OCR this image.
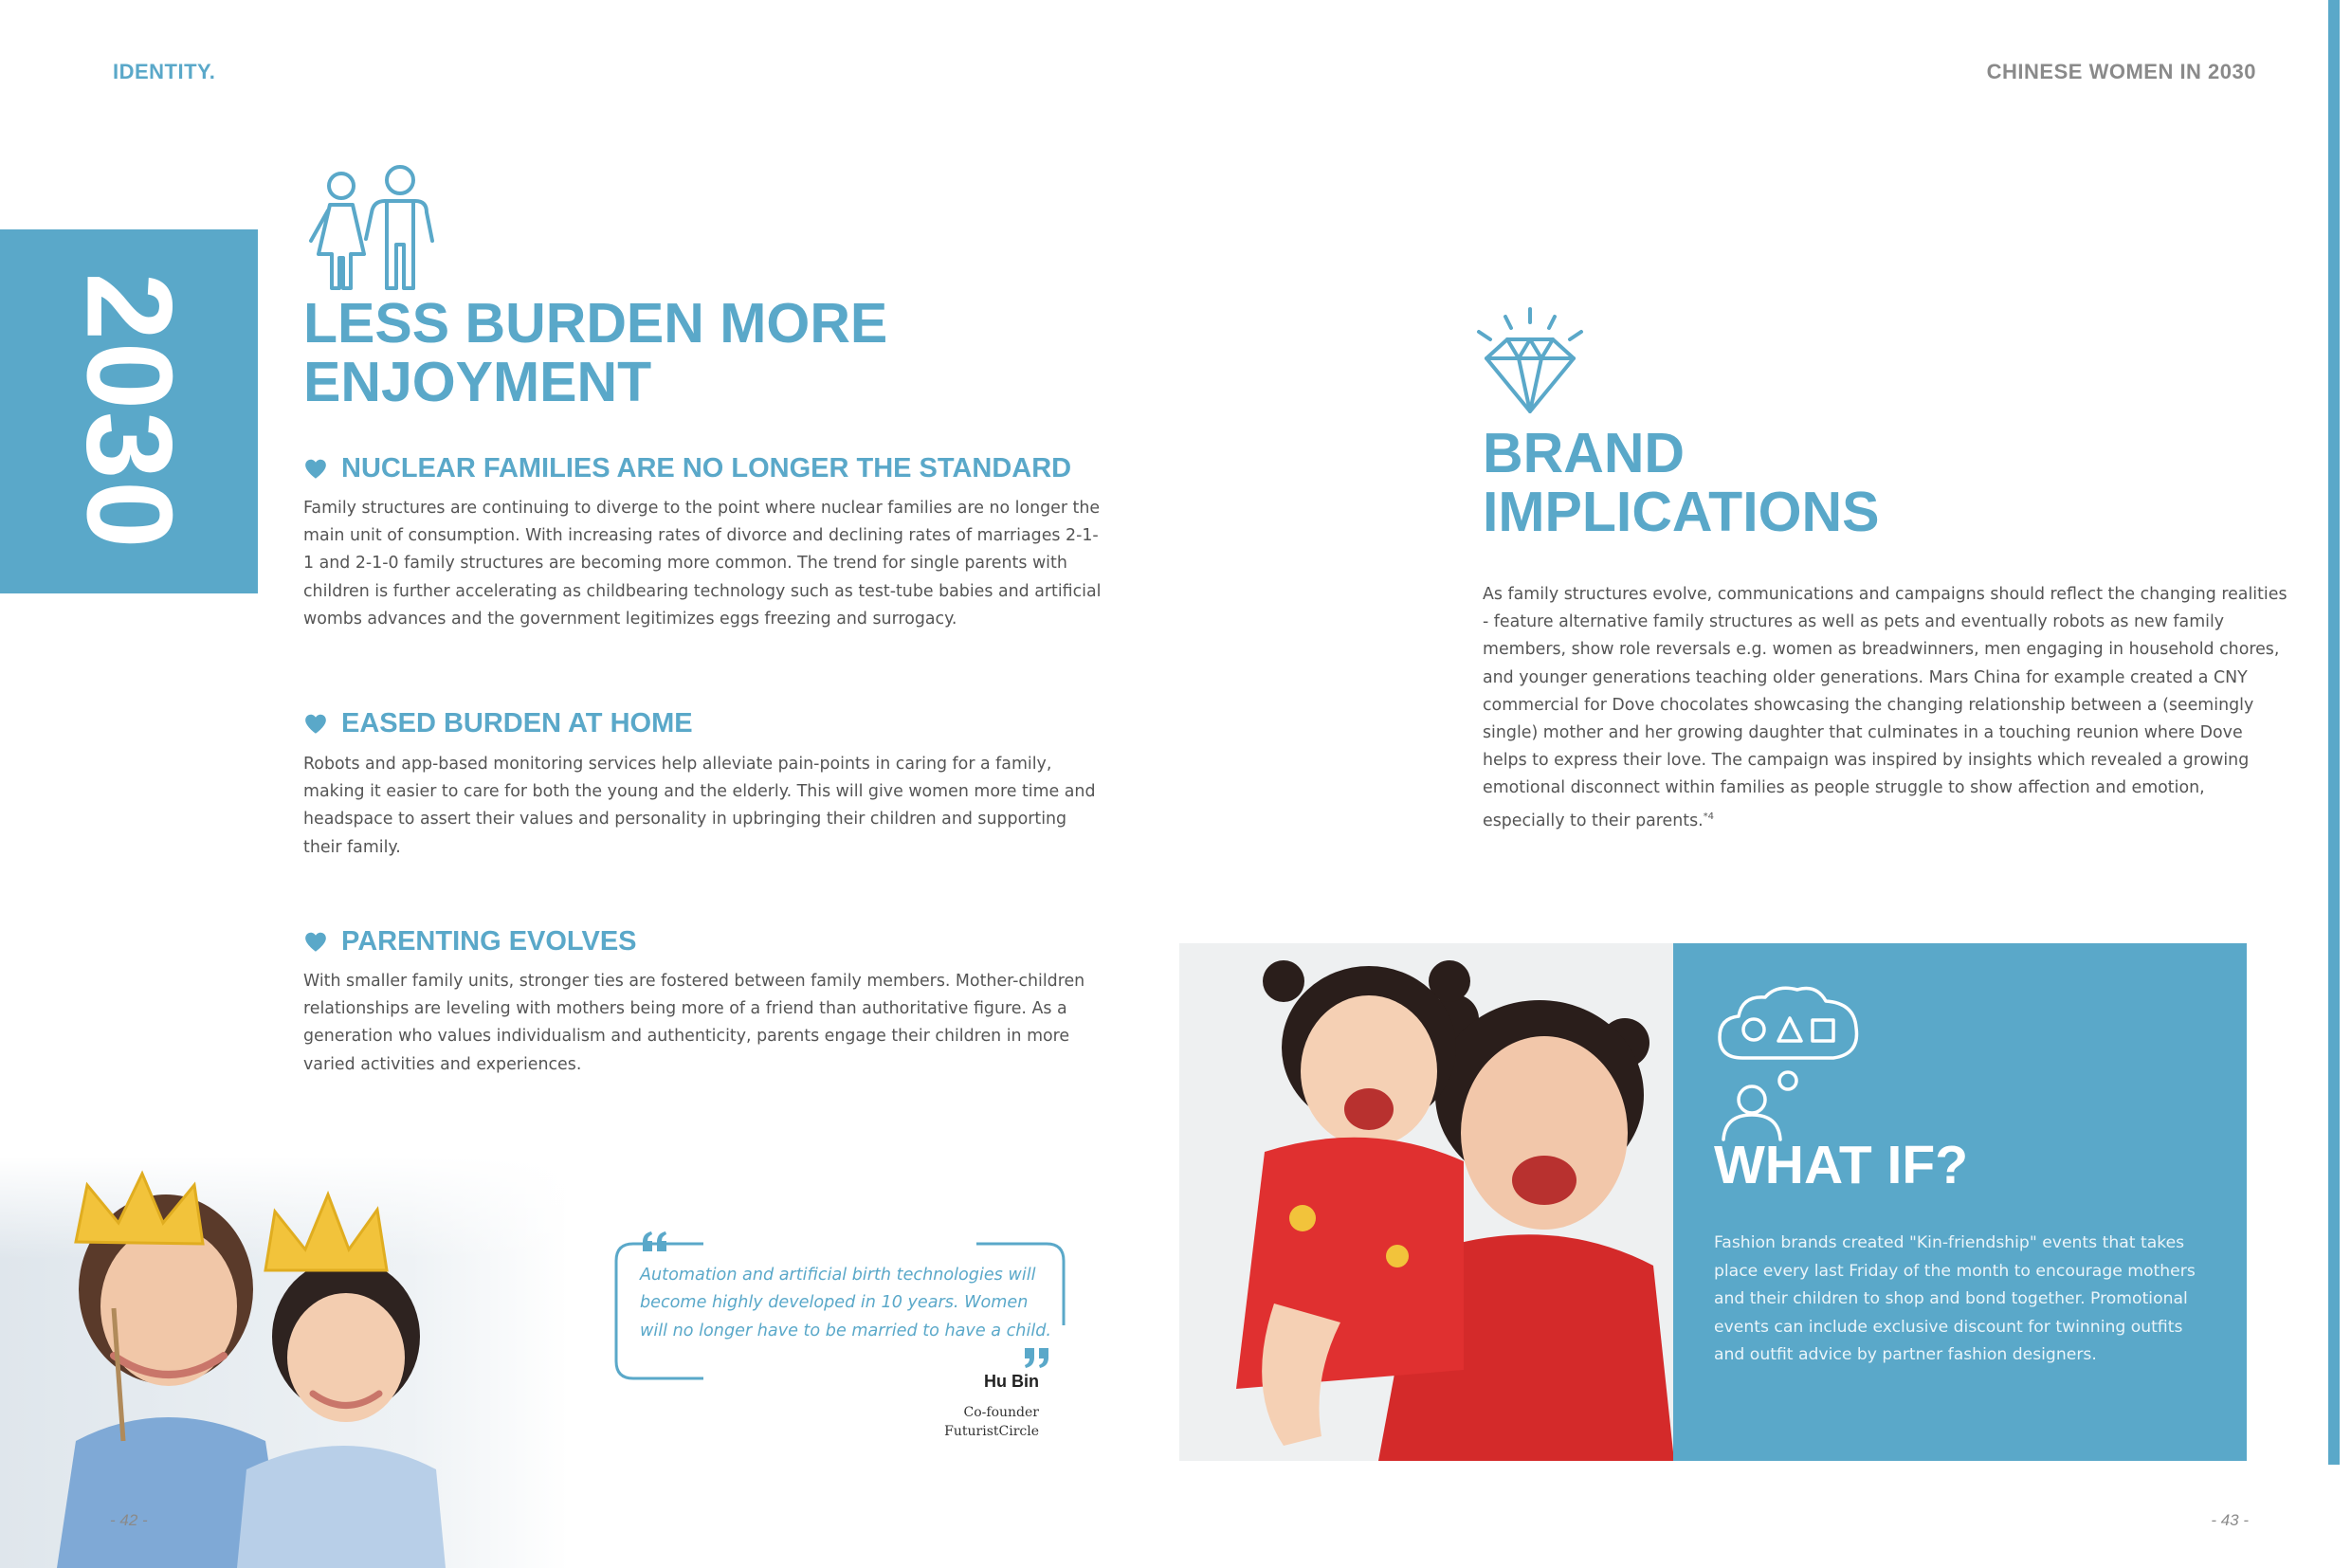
IDENTITY.	CHINESE WOMEN IN 2030
2030 LESS BURDEN MORE
ENJOYMENT
NUCLEAR FAMILIES ARE NO LONGER THE STANDARD
Family structures are continuing to diverge to the point where nuclear families are no longer the
main unit of consumption. With increasing rates of divorce and declining rates of marriages 2-1-
1 and 2-1-0 family structures are becoming more common. The trend for single parents with
children is further accelerating as childbearing technology such as test-tube babies and artificial
wombs advances and the government legitimizes eggs freezing and surrogacy.
EASED BURDEN AT HOME
Robots and app-based monitoring services help alleviate pain-points in caring for a family,
making it easier to care for both the young and the elderly. This will give women more time and
headspace to assert their values and personality in upbringing their children and supporting
their family.
PARENTING EVOLVES
With smaller family units, stronger ties are fostered between family members. Mother-children
relationships are leveling with mothers being more of a friend than authoritative figure. As a
generation who values individualism and authenticity, parents engage their children in more
varied activities and experiences.
- 42 -
Automation and artificial birth technologies will
become highly developed in 10 years. Women
will no longer have to be married to have a child.
Hu Bin
Co-founder
FuturistCircle
BRAND
IMPLICATIONS
As family structures evolve, communications and campaigns should reflect the changing realities
- feature alternative family structures as well as pets and eventually robots as new family
members, show role reversals e.g. women as breadwinners, men engaging in household chores,
and younger generations teaching older generations. Mars China for example created a CNY
commercial for Dove chocolates showcasing the changing relationship between a (seemingly
single) mother and her growing daughter that culminates in a touching reunion where Dove
helps to express their love. The campaign was inspired by insights which revealed a growing
emotional disconnect within families as people struggle to show affection and emotion,
especially to their parents.$^{*4}$
WHAT IF?
Fashion brands created "Kin-friendship" events that takes
place every last Friday of the month to encourage mothers
and their children to shop and bond together. Promotional
events can include exclusive discount for twinning outfits
and outfit advice by partner fashion designers.
- 43 -
